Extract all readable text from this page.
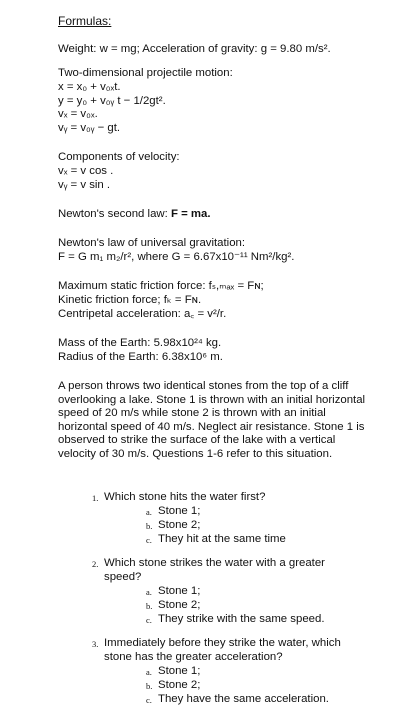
Formulas:
Weight: w = mg; Acceleration of gravity: g = 9.80 m/s².
Two-dimensional projectile motion:
x = x₀ + v₀ₓt.
y = y₀ + v₀ᵧ t − 1/2gt².
vₓ = v₀ₓ.
vᵧ = v₀ᵧ − gt.
Components of velocity:
vₓ = v cos .
vᵧ = v sin .
Newton's second law: F = ma.
Newton's law of universal gravitation:
F = G m₁ m₂/r², where G = 6.67x10⁻¹¹ Nm²/kg².
Maximum static friction force: fₛ,ₘₐₓ = Fɴ;
Kinetic friction force; fₖ = Fɴ.
Centripetal acceleration: a꜀ = v²/r.
Mass of the Earth: 5.98x10²⁴ kg.
Radius of the Earth: 6.38x10⁶ m.
A person throws two identical stones from the top of a cliff overlooking a lake. Stone 1 is thrown with an initial horizontal speed of 20 m/s while stone 2 is thrown with an initial horizontal speed of 40 m/s. Neglect air resistance. Stone 1 is observed to strike the surface of the lake with a vertical velocity of 30 m/s. Questions 1-6 refer to this situation.
1. Which stone hits the water first?
a. Stone 1;
b. Stone 2;
c. They hit at the same time
2. Which stone strikes the water with a greater
speed?
a. Stone 1;
b. Stone 2;
c. They strike with the same speed.
3. Immediately before they strike the water, which
stone has the greater acceleration?
a. Stone 1;
b. Stone 2;
c. They have the same acceleration.
